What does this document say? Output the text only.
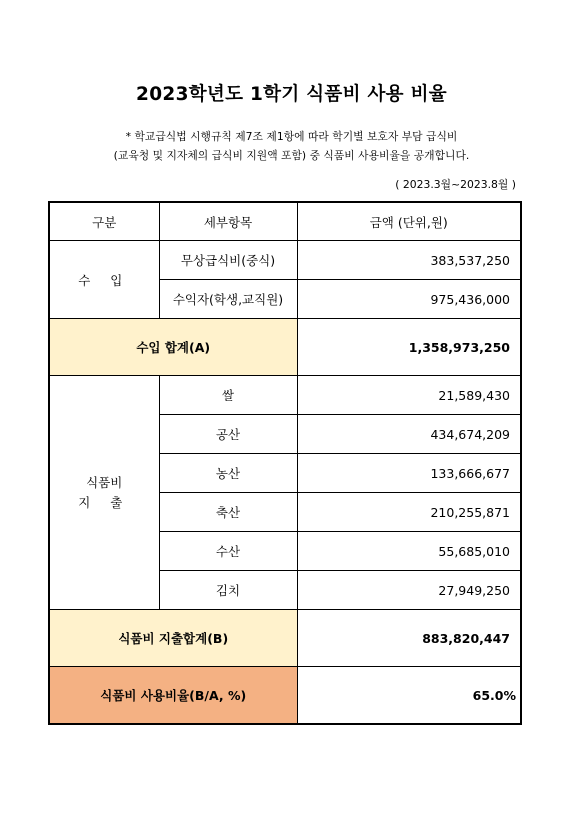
2023학년도 1학기 식품비 사용 비율
* 학교급식법 시행규칙 제7조 제1항에 따라 학기별 보호자 부담 급식비
(교육청 및 지자체의 급식비 지원액 포함) 중 식품비 사용비율을 공개합니다.
( 2023.3월~2023.8월 )
구분	세부항목	금액 (단위,원)
수 입	무상급식비(중식)	383,537,250
	수익자(학생,교직원)	975,436,000
수입 합계(A)		1,358,973,250

식품비
지 출	쌀	21,589,430
	공산	434,674,209
	농산	133,666,677
	축산	210,255,871
	수산	55,685,010
	김치	27,949,250
식품비 지출합계(B)		883,820,447
식품비 사용비율(B/A, %)		65.0%
